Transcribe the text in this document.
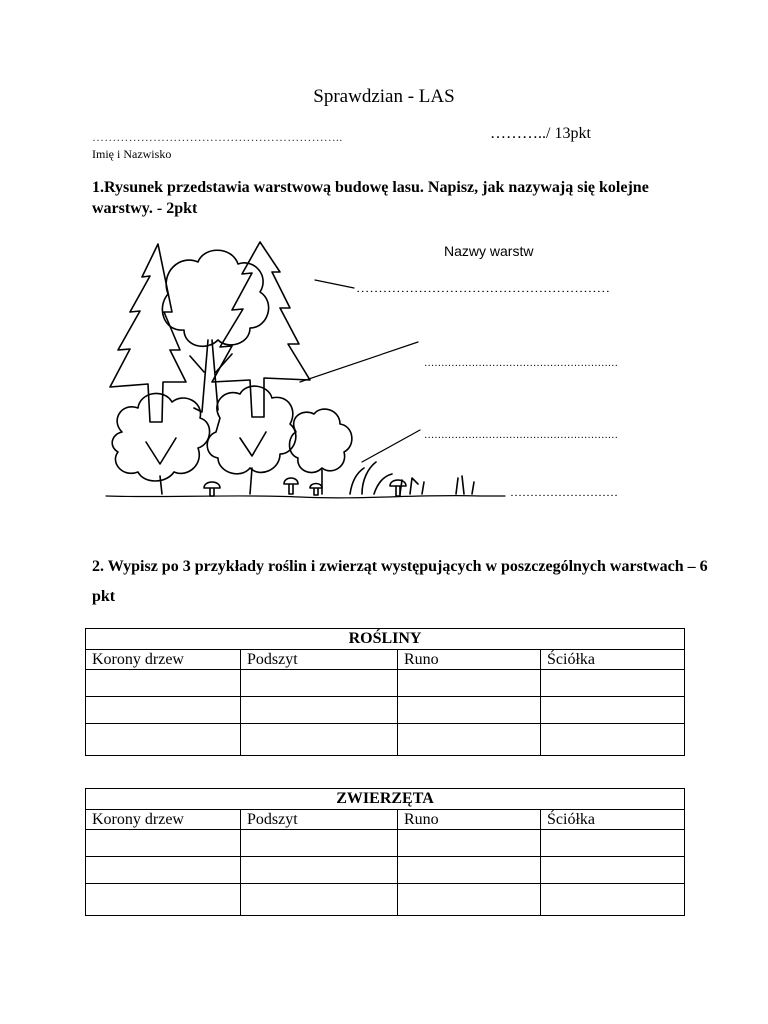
Sprawdzian - LAS
……………………………………………………..
Imię i Nazwisko
………../ 13pkt
1.Rysunek przedstawia warstwową budowę lasu. Napisz, jak nazywają się kolejne warstwy. - 2pkt
Nazwy warstw
…………………………………………………
…………………………………………………
…………………………………………………
………………………
2. Wypisz po 3 przykłady roślin i zwierząt występujących w poszczególnych warstwach – 6 pkt
ROŚLINY			
Korony drzew	Podszyt	Runo	Ściółka

ZWIERZĘTA			
Korony drzew	Podszyt	Runo	Ściółka
